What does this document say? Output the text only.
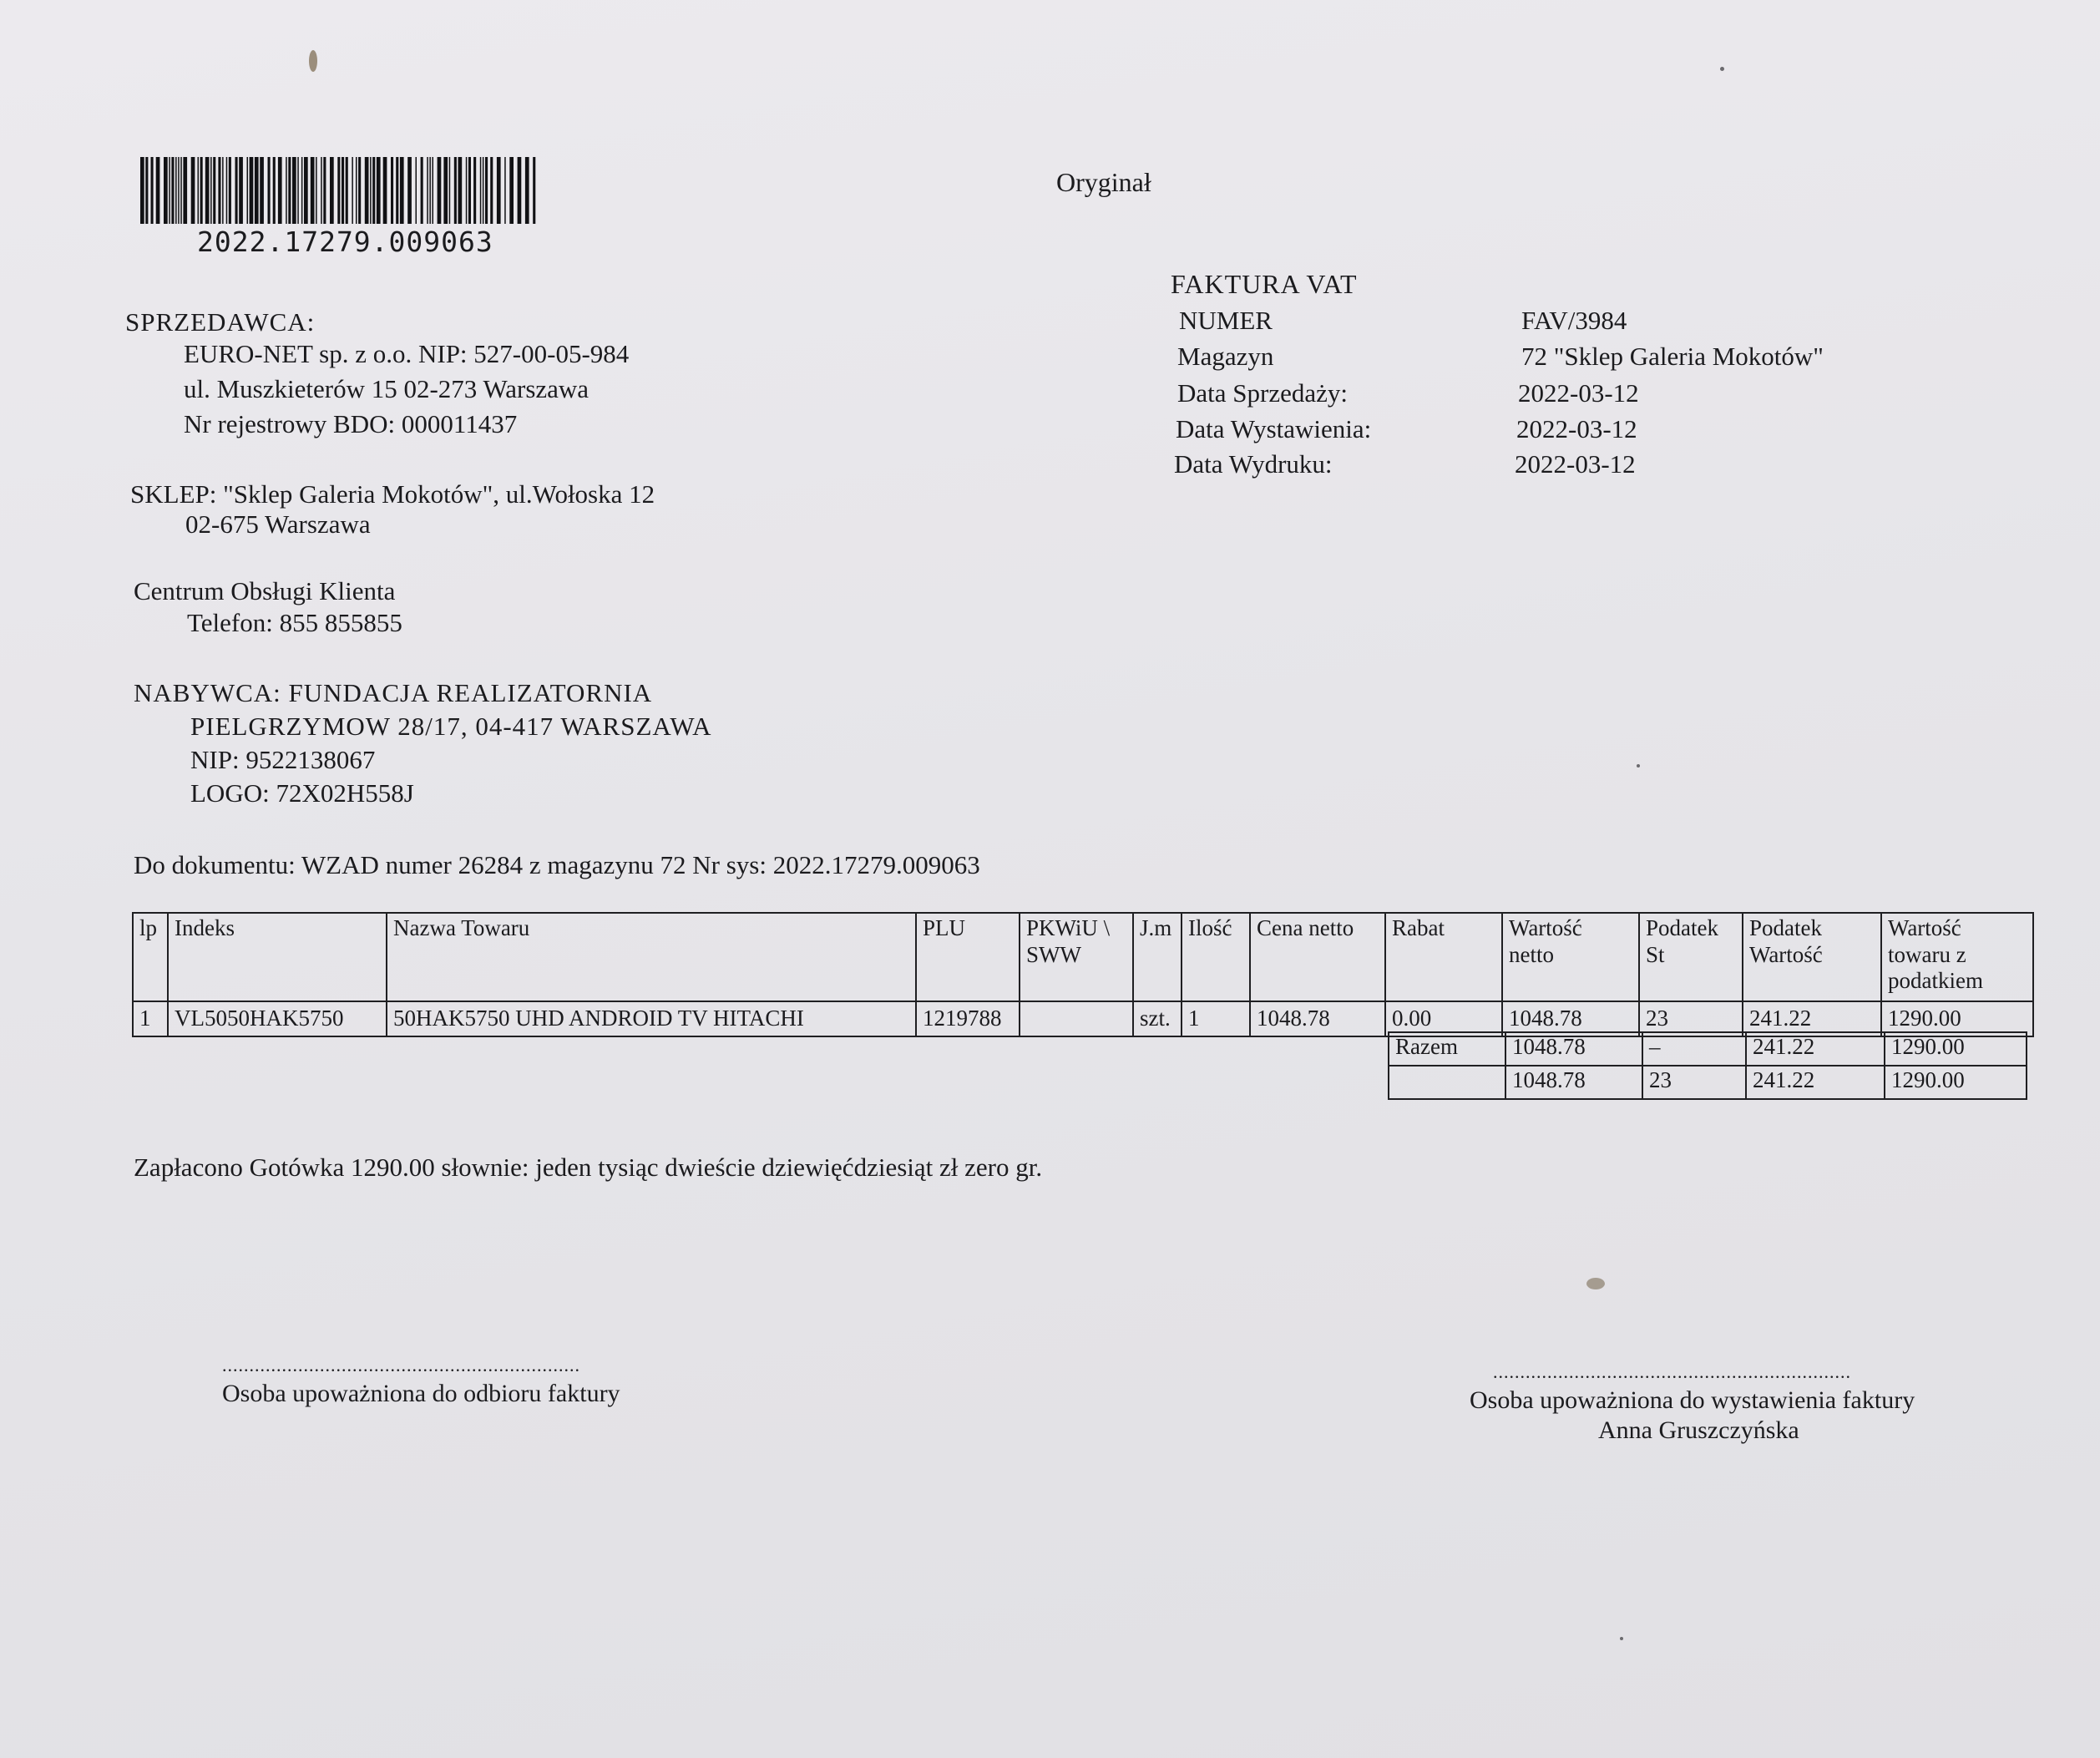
2022.17279.009063
Oryginał
FAKTURA VAT
NUMER	FAV/3984
Magazyn	72 "Sklep Galeria Mokotów"
Data Sprzedaży:	2022-03-12
Data Wystawienia:	2022-03-12
Data Wydruku:	2022-03-12
SPRZEDAWCA:
EURO-NET sp. z o.o. NIP: 527-00-05-984
ul. Muszkieterów 15 02-273 Warszawa
Nr rejestrowy BDO: 000011437
SKLEP: "Sklep Galeria Mokotów", ul.Wołoska 12
02-675 Warszawa
Centrum Obsługi Klienta
Telefon: 855 855855
NABYWCA: FUNDACJA REALIZATORNIA
PIELGRZYMOW 28/17, 04-417 WARSZAWA
NIP: 9522138067
LOGO: 72X02H558J
Do dokumentu: WZAD numer 26284 z magazynu 72 Nr sys: 2022.17279.009063
lp	Indeks	Nazwa Towaru	PLU	PKWiU \ SWW	J.m	Ilość	Cena netto	Rabat	Wartość netto	Podatek St	Podatek Wartość	Wartość towaru z podatkiem
1	VL5050HAK5750	50HAK5750 UHD ANDROID TV HITACHI	1219788		szt.	1	1048.78	0.00	1048.78	23	241.22	1290.00
Razem	1048.78	–	241.22	1290.00
	1048.78	23	241.22	1290.00
Zapłacono Gotówka 1290.00 słownie: jeden tysiąc dwieście dziewięćdziesiąt zł zero gr.
..................................................................
Osoba upoważniona do odbioru faktury
..................................................................
Osoba upoważniona do wystawienia faktury
Anna Gruszczyńska
